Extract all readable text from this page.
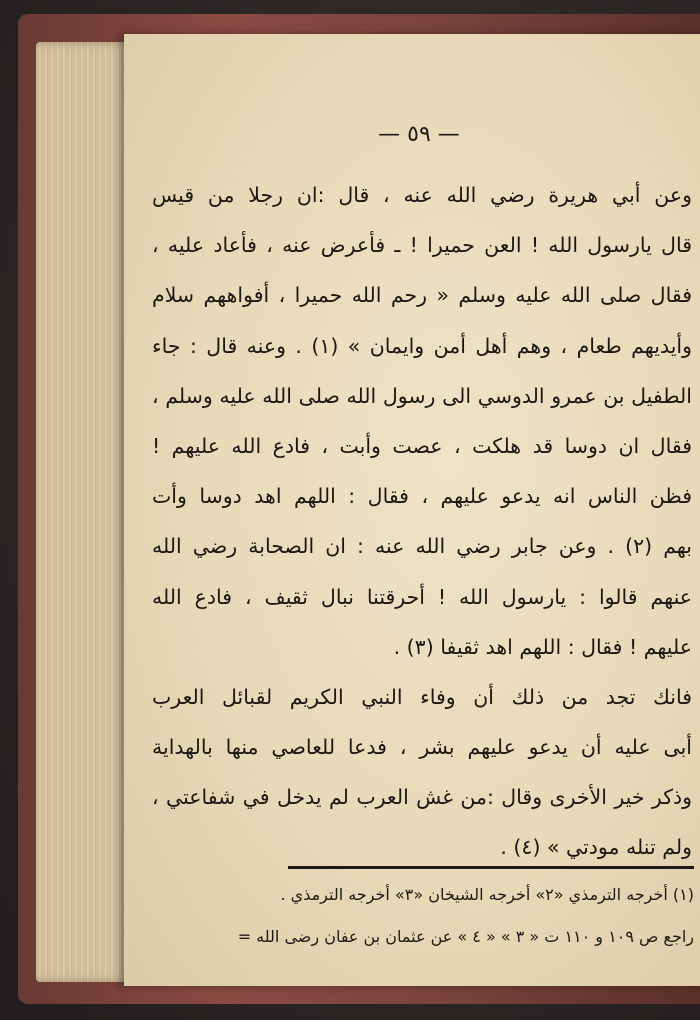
— ٥٩ —
وعن أبي هريرة رضي الله عنه ، قال :ان رجلا من قيس
قال يارسول الله ! العن حميرا ! ـ فأعرض عنه ، فأعاد عليه ،
فقال صلى الله عليه وسلم « رحم الله حميرا ، أفواههم سلام
وأيديهم طعام ، وهم أهل أمن وايمان » (١) . وعنه قال : جاء
الطفيل بن عمرو الدوسي الى رسول الله صلى الله عليه وسلم ،
فقال ان دوسا قد هلكت ، عصت وأبت ، فادع الله عليهم !
فظن الناس انه يدعو عليهم ، فقال : اللهم اهد دوسا وأت
بهم (٢) . وعن جابر رضي الله عنه : ان الصحابة رضي الله
عنهم قالوا : يارسول الله ! أحرقتنا نبال ثقيف ، فادع الله
عليهم ! فقال : اللهم اهد ثقيفا (٣) .
فانك تجد من ذلك أن وفاء النبي الكريم لقبائل العرب
أبى عليه أن يدعو عليهم بشر ، فدعا للعاصي منها بالهداية
وذكر خير الأخرى وقال :من غش العرب لم يدخل في شفاعتي ،
ولم تنله مودتي » (٤) .
(١) أخرجه الترمذي «٢» أخرجه الشيخان «٣» أخرجه الترمذي .
راجع ص ١٠٩ و ١١٠ ت « ٣ » « ٤ » عن عثمان بن عفان رضى الله =
